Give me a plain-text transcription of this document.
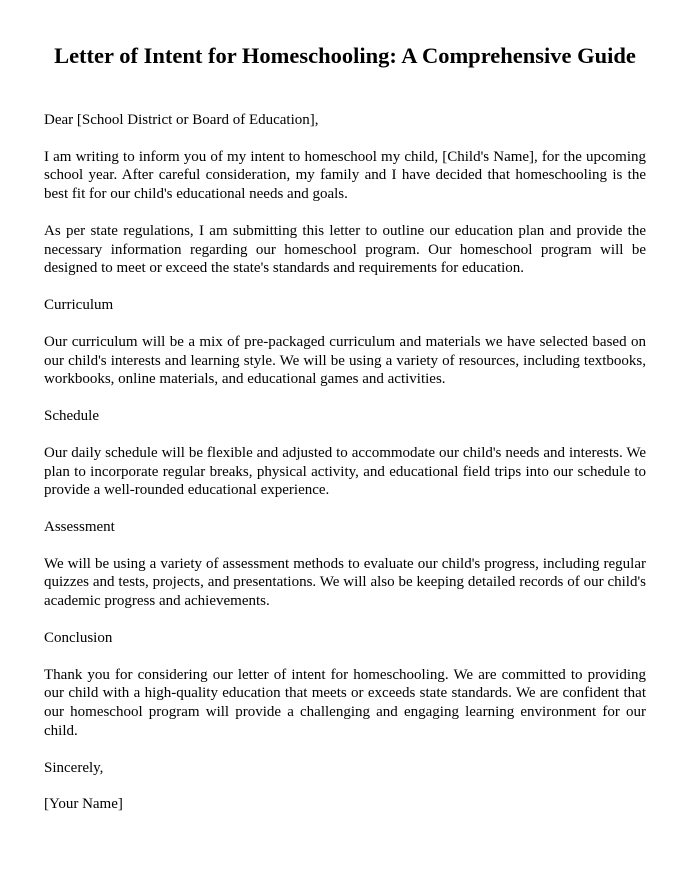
Letter of Intent for Homeschooling: A Comprehensive Guide

Dear [School District or Board of Education],

I am writing to inform you of my intent to homeschool my child, [Child's Name], for the upcoming school year. After careful consideration, my family and I have decided that homeschooling is the best fit for our child's educational needs and goals.

As per state regulations, I am submitting this letter to outline our education plan and provide the necessary information regarding our homeschool program. Our homeschool program will be designed to meet or exceed the state's standards and requirements for education.

Curriculum

Our curriculum will be a mix of pre-packaged curriculum and materials we have selected based on our child's interests and learning style. We will be using a variety of resources, including textbooks, workbooks, online materials, and educational games and activities.

Schedule

Our daily schedule will be flexible and adjusted to accommodate our child's needs and interests. We plan to incorporate regular breaks, physical activity, and educational field trips into our schedule to provide a well-rounded educational experience.

Assessment

We will be using a variety of assessment methods to evaluate our child's progress, including regular quizzes and tests, projects, and presentations. We will also be keeping detailed records of our child's academic progress and achievements.

Conclusion

Thank you for considering our letter of intent for homeschooling. We are committed to providing our child with a high-quality education that meets or exceeds state standards. We are confident that our homeschool program will provide a challenging and engaging learning environment for our child.

Sincerely,

[Your Name]
